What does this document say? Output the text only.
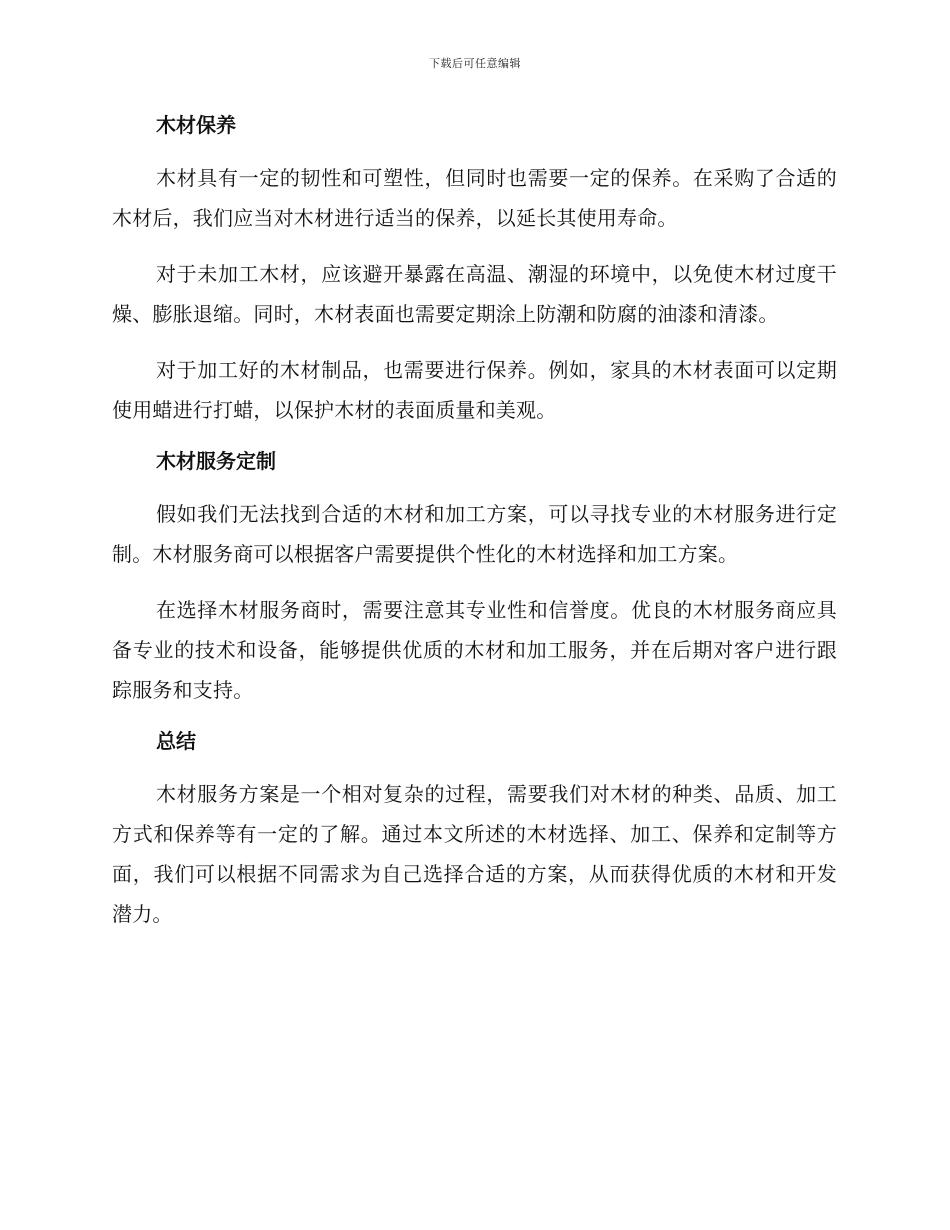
下载后可任意编辑
木材保养

木材具有一定的韧性和可塑性，但同时也需要一定的保养。在采购了合适的木材后，我们应当对木材进行适当的保养，以延长其使用寿命。

对于未加工木材，应该避开暴露在高温、潮湿的环境中，以免使木材过度干燥、膨胀退缩。同时，木材表面也需要定期涂上防潮和防腐的油漆和清漆。

对于加工好的木材制品，也需要进行保养。例如，家具的木材表面可以定期使用蜡进行打蜡，以保护木材的表面质量和美观。

木材服务定制

假如我们无法找到合适的木材和加工方案，可以寻找专业的木材服务进行定制。木材服务商可以根据客户需要提供个性化的木材选择和加工方案。

在选择木材服务商时，需要注意其专业性和信誉度。优良的木材服务商应具备专业的技术和设备，能够提供优质的木材和加工服务，并在后期对客户进行跟踪服务和支持。

总结

木材服务方案是一个相对复杂的过程，需要我们对木材的种类、品质、加工方式和保养等有一定的了解。通过本文所述的木材选择、加工、保养和定制等方面，我们可以根据不同需求为自己选择合适的方案，从而获得优质的木材和开发潜力。
